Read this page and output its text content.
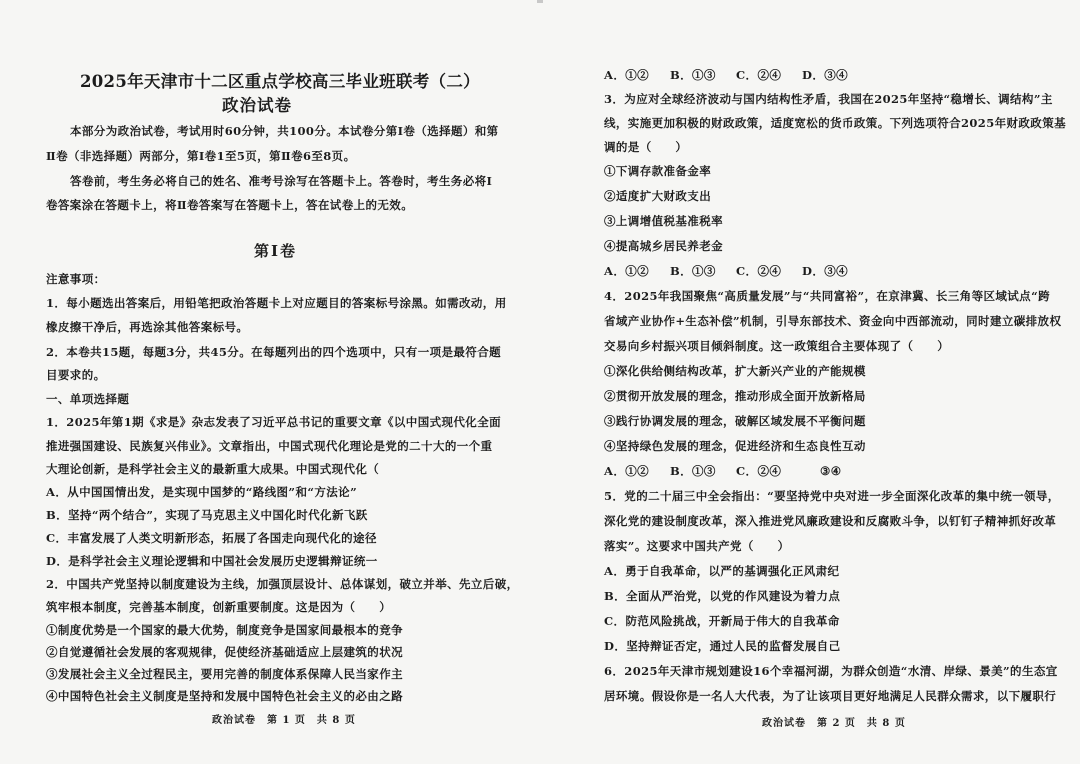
2025年天津市十二区重点学校高三毕业班联考（二）
政治试卷
本部分为政治试卷，考试用时60分钟，共100分。本试卷分第Ⅰ卷（选择题）和第
Ⅱ卷（非选择题）两部分，第Ⅰ卷1至5页，第Ⅱ卷6至8页。
答卷前，考生务必将自己的姓名、准考号涂写在答题卡上。答卷时，考生务必将Ⅰ
卷答案涂在答题卡上，将Ⅱ卷答案写在答题卡上，答在试卷上的无效。
第Ⅰ卷
注意事项：
1．每小题选出答案后，用铅笔把政治答题卡上对应题目的答案标号涂黑。如需改动，用
橡皮擦干净后，再选涂其他答案标号。
2．本卷共15题，每题3分，共45分。在每题列出的四个选项中，只有一项是最符合题
目要求的。
一、单项选择题
1．2025年第1期《求是》杂志发表了习近平总书记的重要文章《以中国式现代化全面
推进强国建设、民族复兴伟业》。文章指出，中国式现代化理论是党的二十大的一个重
大理论创新，是科学社会主义的最新重大成果。中国式现代化（
A．从中国国情出发，是实现中国梦的“路线图”和“方法论”
B．坚持“两个结合”，实现了马克思主义中国化时代化新飞跃
C．丰富发展了人类文明新形态，拓展了各国走向现代化的途径
D．是科学社会主义理论逻辑和中国社会发展历史逻辑辩证统一
2．中国共产党坚持以制度建设为主线，加强顶层设计、总体谋划，破立并举、先立后破，
筑牢根本制度，完善基本制度，创新重要制度。这是因为（　　）
①制度优势是一个国家的最大优势，制度竞争是国家间最根本的竞争
②自觉遵循社会发展的客观规律，促使经济基础适应上层建筑的状况
③发展社会主义全过程民主，要用完善的制度体系保障人民当家作主
④中国特色社会主义制度是坚持和发展中国特色社会主义的必由之路
政治试卷　第 1 页　共 8 页
A．①② B．①③ C．②④ D．③④
3．为应对全球经济波动与国内结构性矛盾，我国在2025年坚持“稳增长、调结构”主
线，实施更加积极的财政政策，适度宽松的货币政策。下列选项符合2025年财政政策基
调的是（　　）
①下调存款准备金率
②适度扩大财政支出
③上调增值税基准税率
④提高城乡居民养老金
A．①② B．①③ C．②④ D．③④
4．2025年我国聚焦“高质量发展”与“共同富裕”，在京津冀、长三角等区域试点“跨
省域产业协作+生态补偿”机制，引导东部技术、资金向中西部流动，同时建立碳排放权
交易向乡村振兴项目倾斜制度。这一政策组合主要体现了（　　）
①深化供给侧结构改革，扩大新兴产业的产能规模
②贯彻开放发展的理念，推动形成全面开放新格局
③践行协调发展的理念，破解区域发展不平衡问题
④坚持绿色发展的理念，促进经济和生态良性互动
A．①② B．①③ C．②④	③④
5．党的二十届三中全会指出：“要坚持党中央对进一步全面深化改革的集中统一领导，
深化党的建设制度改革，深入推进党风廉政建设和反腐败斗争，以钉钉子精神抓好改革
落实”。这要求中国共产党（　　）
A．勇于自我革命，以严的基调强化正风肃纪
B．全面从严治党，以党的作风建设为着力点
C．防范风险挑战，开新局于伟大的自我革命
D．坚持辩证否定，通过人民的监督发展自己
6．2025年天津市规划建设16个幸福河湖，为群众创造“水清、岸绿、景美”的生态宜
居环境。假设你是一名人大代表，为了让该项目更好地满足人民群众需求，以下履职行
政治试卷　第 2 页　共 8 页
